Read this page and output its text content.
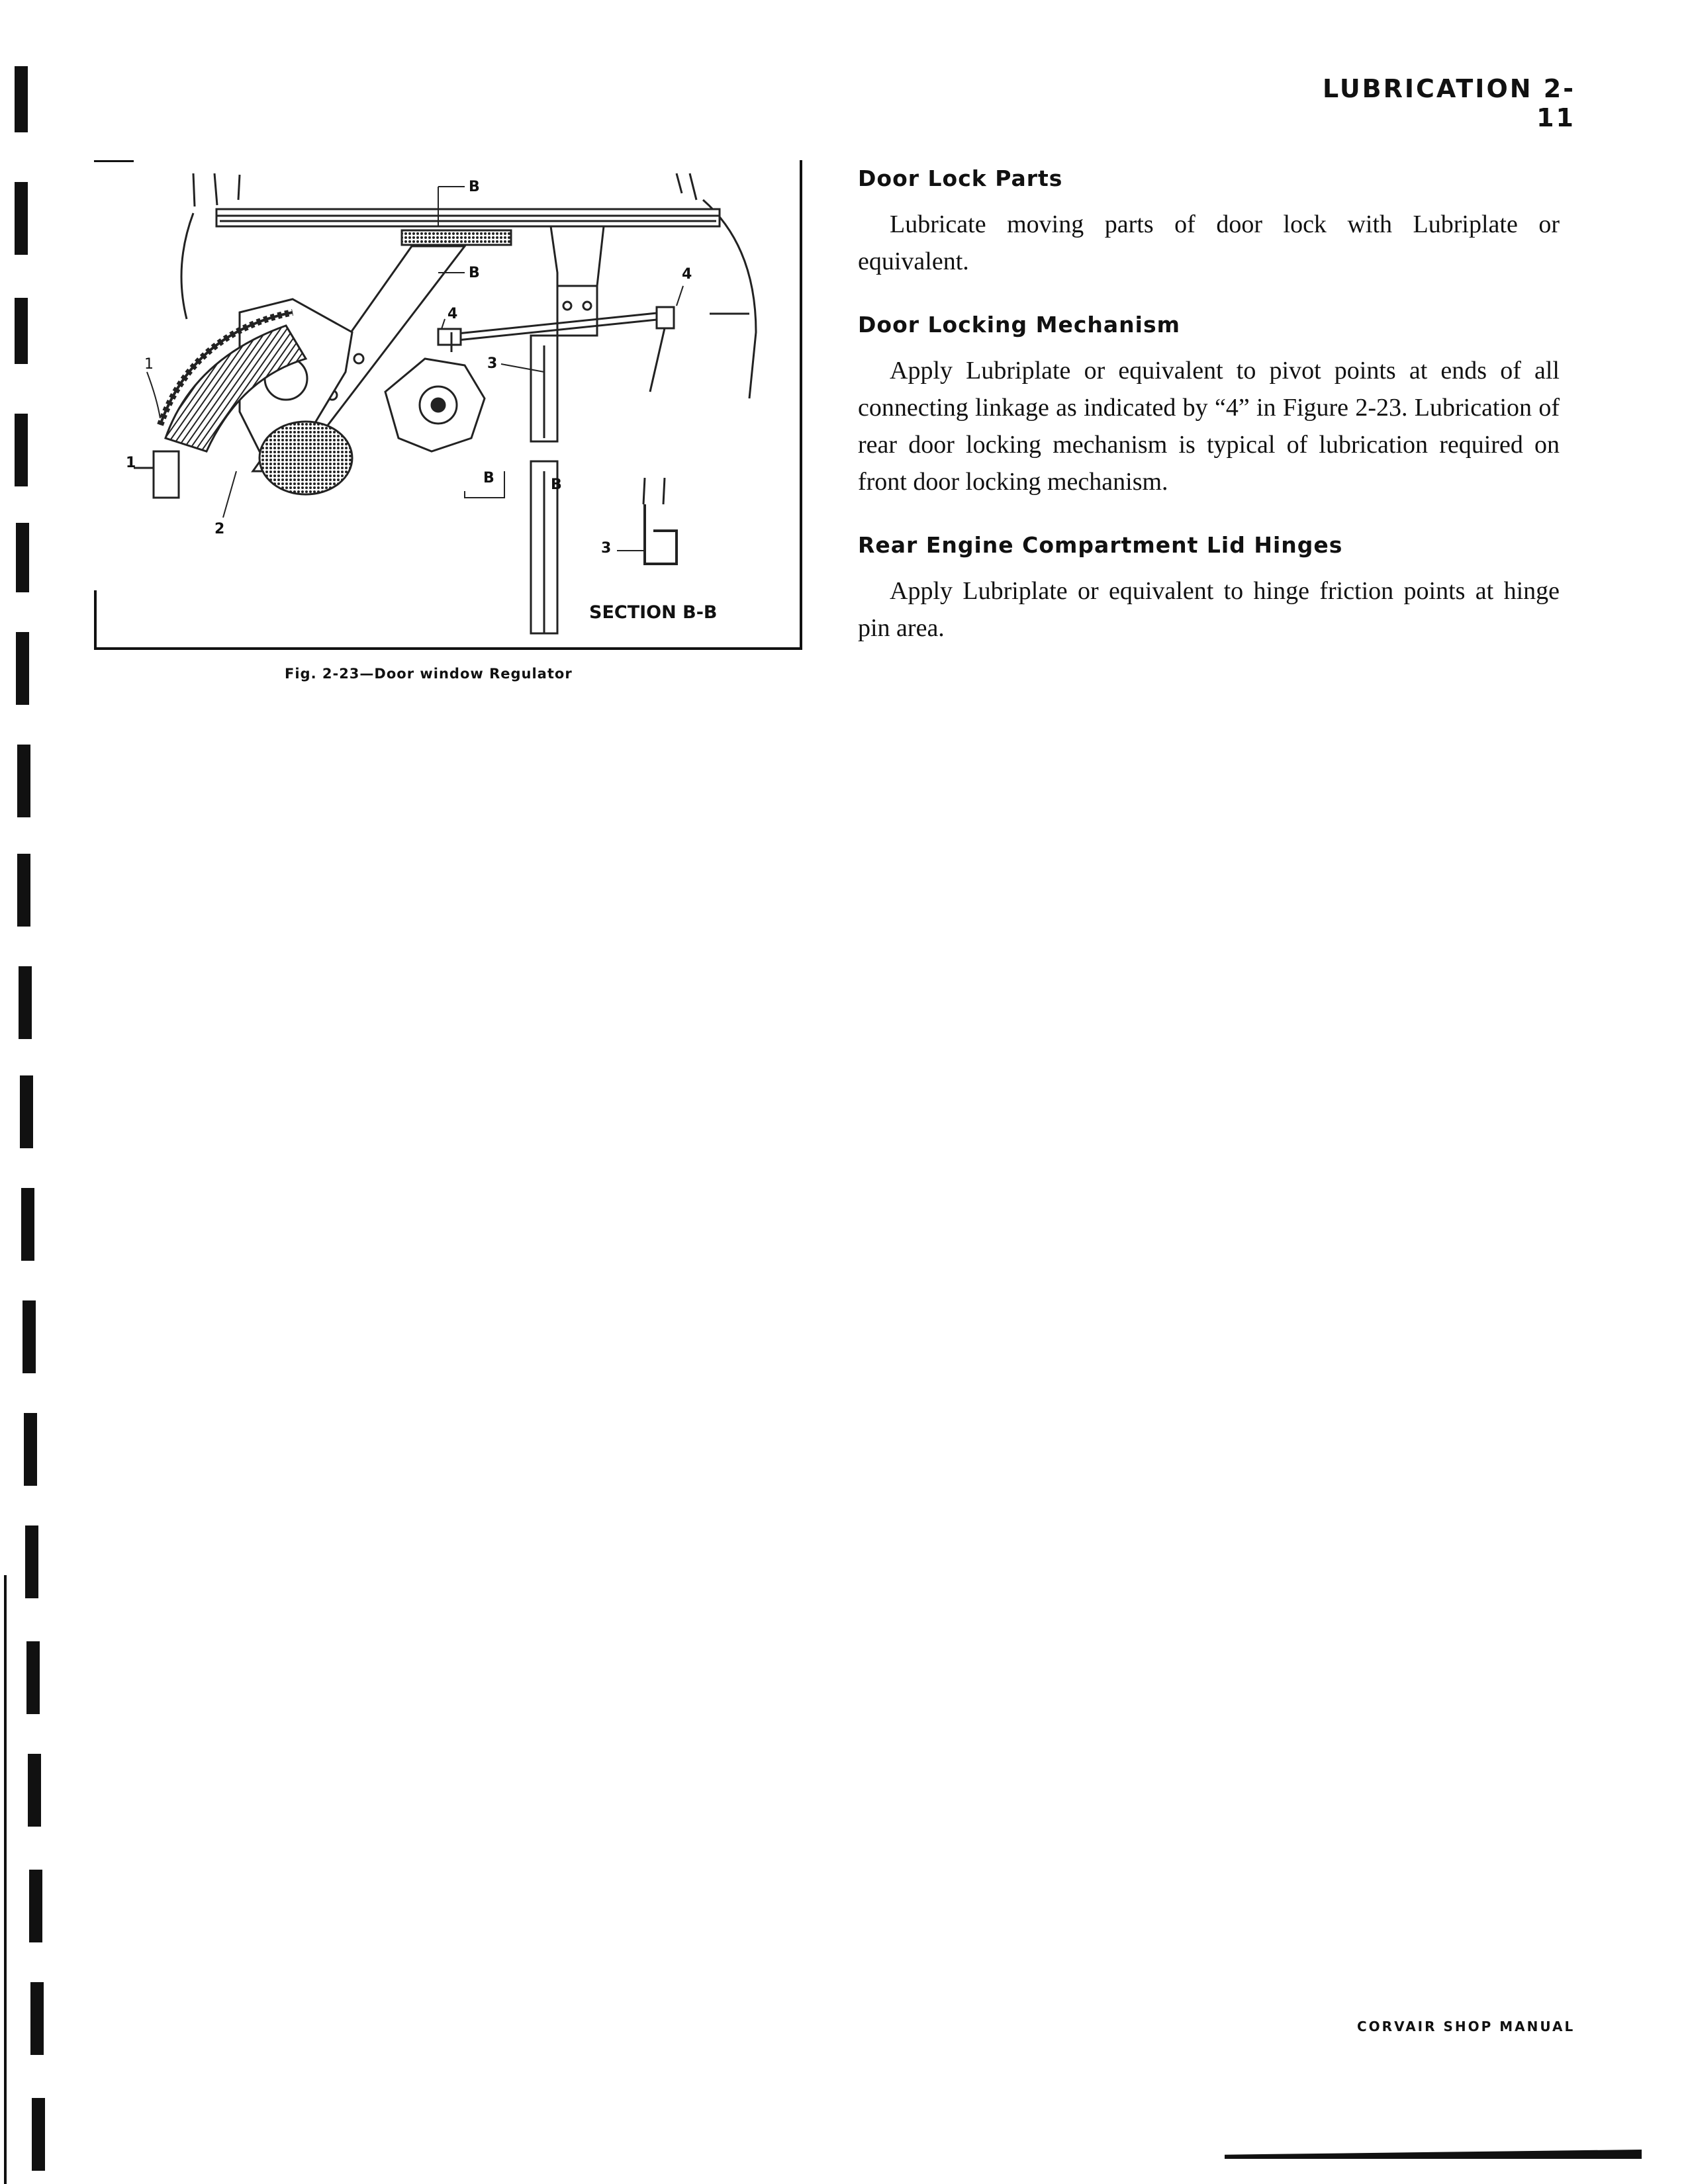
LUBRICATION 2-11
1
1
2
3
3
4
4
B
B
B	B
SECTION B-B
Fig. 2-23—Door window Regulator
Door Lock Parts

Lubricate moving parts of door lock with Lubriplate or equivalent.

Door Locking Mechanism

Apply Lubriplate or equivalent to pivot points at ends of all connecting linkage as indicated by “4” in Figure 2-23. Lubrication of rear door locking mechanism is typical of lubrication required on front door locking mechanism.

Rear Engine Compartment Lid Hinges

Apply Lubriplate or equivalent to hinge friction points at hinge pin area.

CORVAIR SHOP MANUAL
